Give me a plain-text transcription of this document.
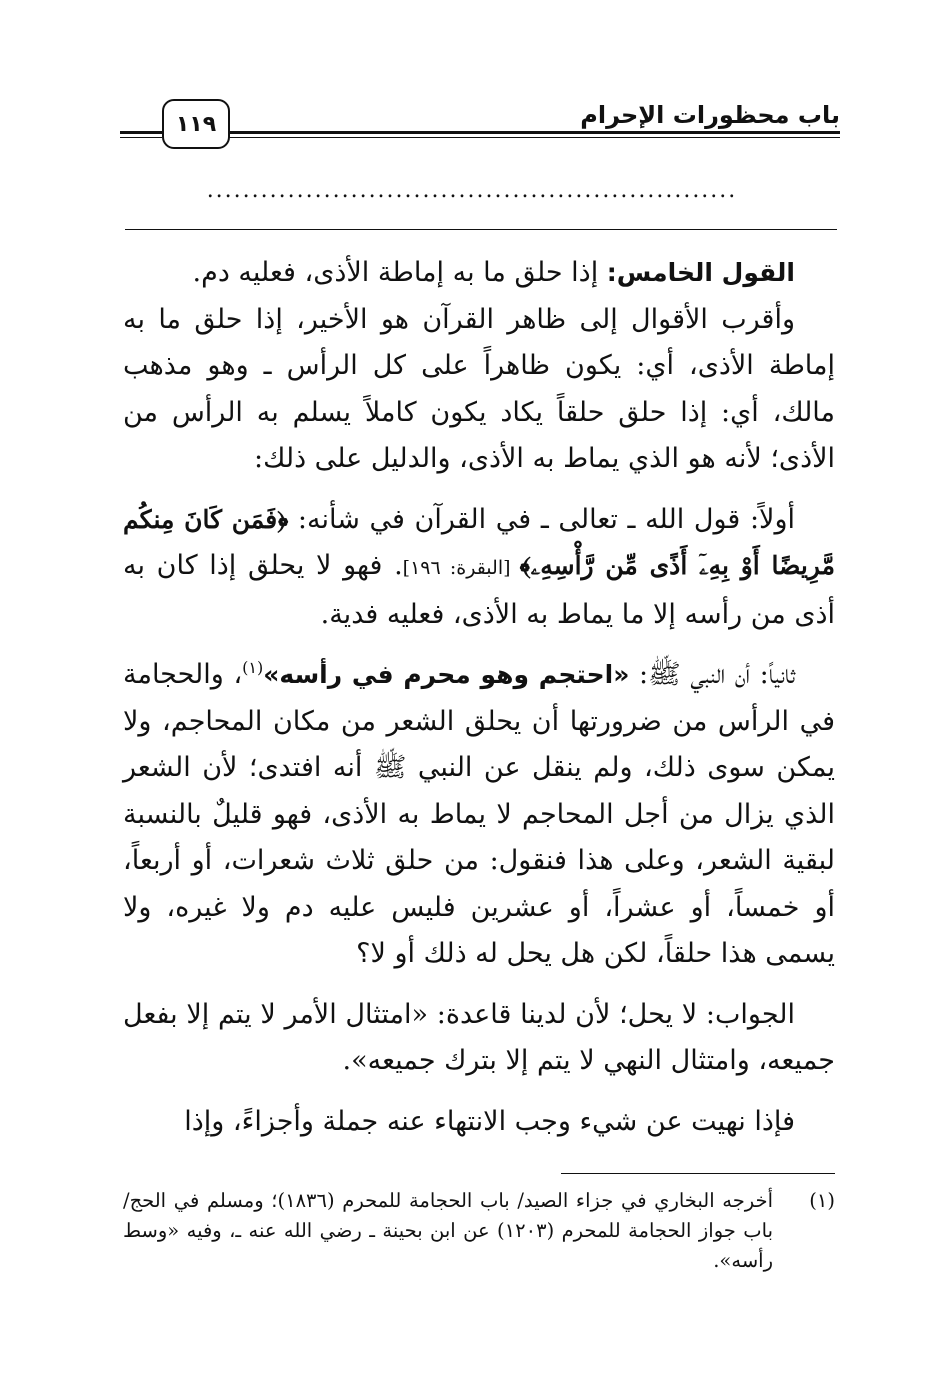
١١٩	باب محظورات الإحرام
...........................................................

القول الخامس: إذا حلق ما به إماطة الأذى، فعليه دم.

وأقرب الأقوال إلى ظاهر القرآن هو الأخير، إذا حلق ما به إماطة الأذى، أي: يكون ظاهراً على كل الرأس ـ وهو مذهب مالك، أي: إذا حلق حلقاً يكاد يكون كاملاً يسلم به الرأس من الأذى؛ لأنه هو الذي يماط به الأذى، والدليل على ذلك:

أولاً: قول الله ـ تعالى ـ في القرآن في شأنه: ﴿فَمَن كَانَ مِنكُم مَّرِيضًا أَوْ بِهِۦٓ أَذًى مِّن رَّأْسِهِۦ﴾ [البقرة: ١٩٦]. فهو لا يحلق إذا كان به أذى من رأسه إلا ما يماط به الأذى، فعليه فدية.

ثانياً: أن النبي ﷺ: «احتجم وهو محرم في رأسه»$^{(١)}$، والحجامة في الرأس من ضرورتها أن يحلق الشعر من مكان المحاجم، ولا يمكن سوى ذلك، ولم ينقل عن النبي ﷺ أنه افتدى؛ لأن الشعر الذي يزال من أجل المحاجم لا يماط به الأذى، فهو قليلٌ بالنسبة لبقية الشعر، وعلى هذا فنقول: من حلق ثلاث شعرات، أو أربعاً، أو خمساً، أو عشراً، أو عشرين فليس عليه دم ولا غيره، ولا يسمى هذا حلقاً، لكن هل يحل له ذلك أو لا؟

الجواب: لا يحل؛ لأن لدينا قاعدة: «امتثال الأمر لا يتم إلا بفعل جميعه، وامتثال النهي لا يتم إلا بترك جميعه».

فإذا نهيت عن شيء وجب الانتهاء عنه جملة وأجزاءً، وإذا

(١)
أخرجه البخاري في جزاء الصيد/ باب الحجامة للمحرم (١٨٣٦)؛ ومسلم في الحج/ باب جواز الحجامة للمحرم (١٢٠٣) عن ابن بحينة ـ رضي الله عنه ـ، وفيه «وسط رأسه».
